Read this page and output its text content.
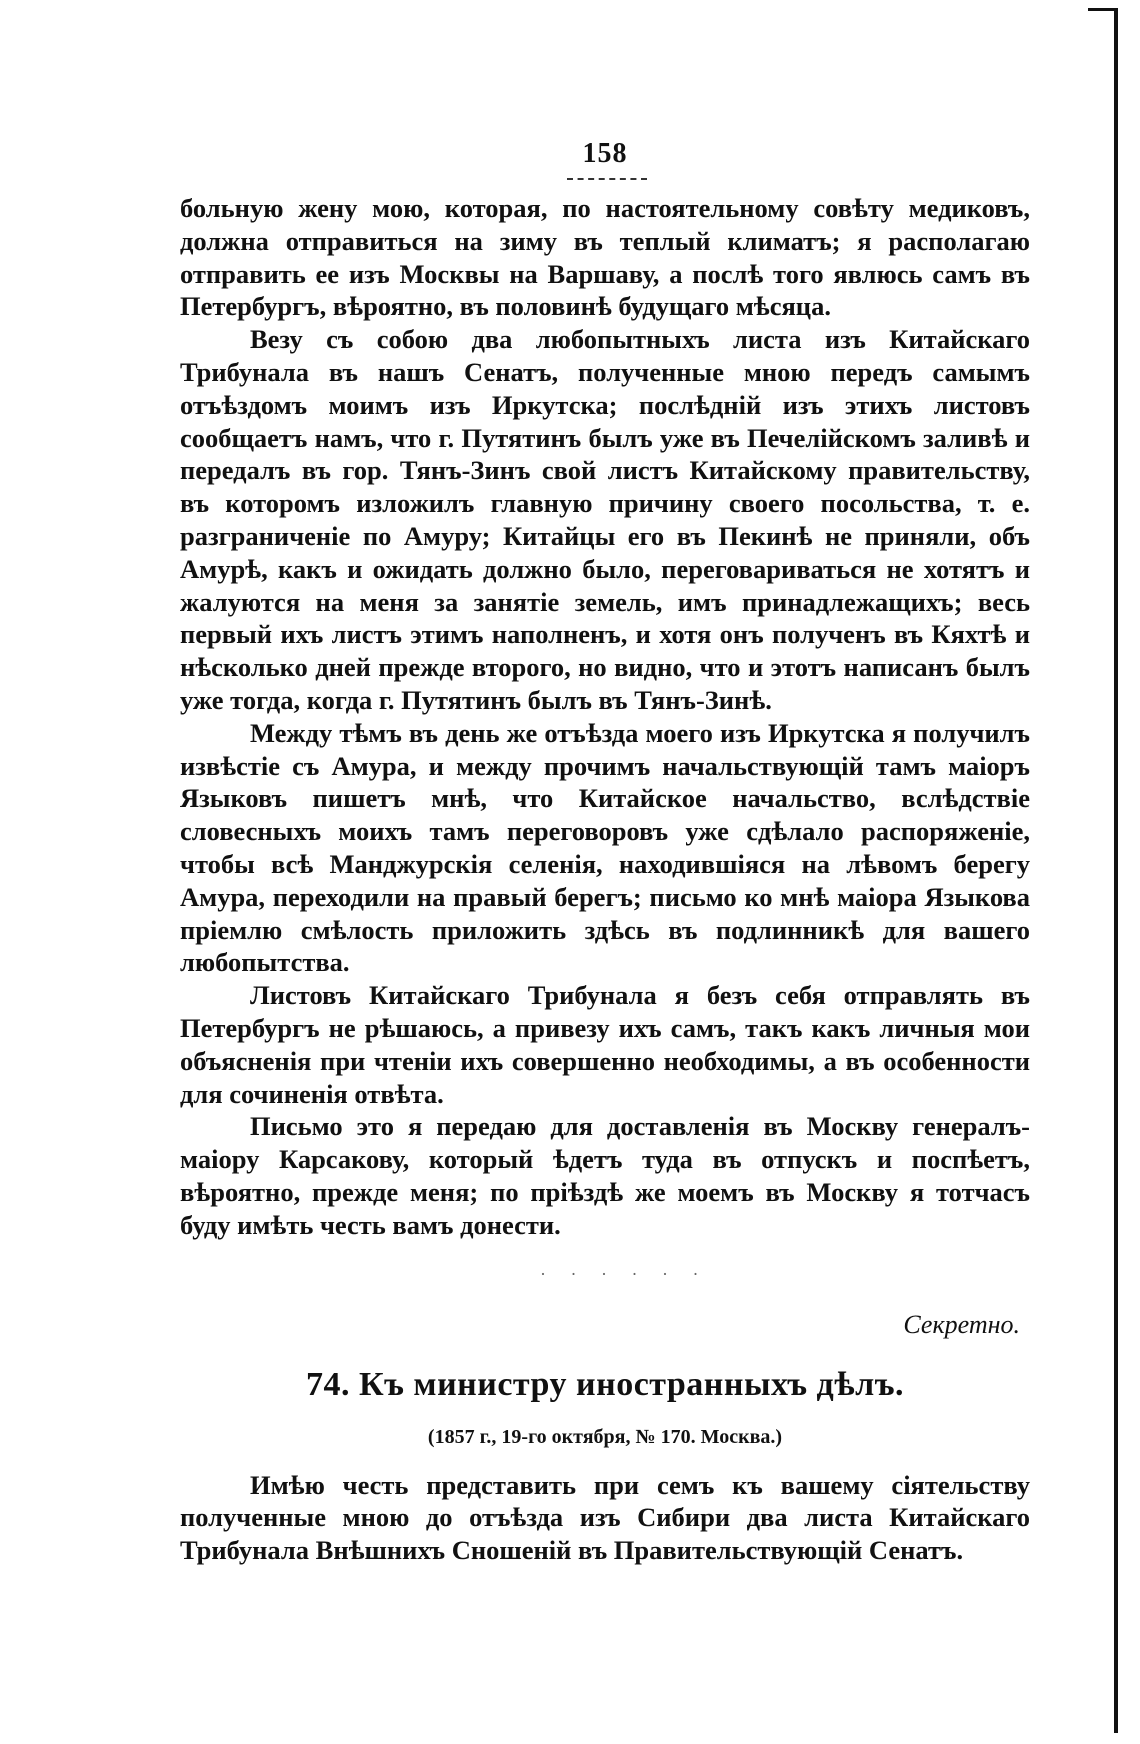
158

больную жену мою, которая, по настоятельному совѣту медиковъ, должна отправиться на зиму въ теплый климатъ; я располагаю отправить ее изъ Москвы на Варшаву, а послѣ того явлюсь самъ въ Петербургъ, вѣроятно, въ половинѣ будущаго мѣсяца.

Везу съ собою два любопытныхъ листа изъ Китайскаго Трибунала въ нашъ Сенатъ, полученные мною передъ самымъ отъѣздомъ моимъ изъ Иркутска; послѣдній изъ этихъ листовъ сообщаетъ намъ, что г. Путятинъ былъ уже въ Печелійскомъ заливѣ и передалъ въ гор. Тянъ-Зинъ свой листъ Китайскому правительству, въ которомъ изложилъ главную причину своего посольства, т. е. разграниченіе по Амуру; Китайцы его въ Пекинѣ не приняли, объ Амурѣ, какъ и ожидать должно было, переговариваться не хотятъ и жалуются на меня за занятіе земель, имъ принадлежащихъ; весь первый ихъ листъ этимъ наполненъ, и хотя онъ полученъ въ Кяхтѣ и нѣсколько дней прежде второго, но видно, что и этотъ написанъ былъ уже тогда, когда г. Путятинъ былъ въ Тянъ-Зинѣ.

Между тѣмъ въ день же отъѣзда моего изъ Иркутска я получилъ извѣстіе съ Амура, и между прочимъ начальствующій тамъ маіоръ Языковъ пишетъ мнѣ, что Китайское начальство, вслѣдствіе словесныхъ моихъ тамъ переговоровъ уже сдѣлало распоряженіе, чтобы всѣ Манджурскія селенія, находившіяся на лѣвомъ берегу Амура, переходили на правый берегъ; письмо ко мнѣ маіора Языкова пріемлю смѣлость приложить здѣсь въ подлинникѣ для вашего любопытства.

Листовъ Китайскаго Трибунала я безъ себя отправлять въ Петербургъ не рѣшаюсь, а привезу ихъ самъ, такъ какъ личныя мои объясненія при чтеніи ихъ совершенно необходимы, а въ особенности для сочиненія отвѣта.

Письмо это я передаю для доставленія въ Москву генералъ-маіору Карсакову, который ѣдетъ туда въ отпускъ и поспѣетъ, вѣроятно, прежде меня; по пріѣздѣ же моемъ въ Москву я тотчасъ буду имѣть честь вамъ донести.

· · · · · ·
Секретно.
74. Къ министру иностранныхъ дѣлъ.
(1857 г., 19-го октября, № 170. Москва.)

Имѣю честь представить при семъ къ вашему сіятельству полученные мною до отъѣзда изъ Сибири два листа Китайскаго Трибунала Внѣшнихъ Сношеній въ Правительствующій Сенатъ.
